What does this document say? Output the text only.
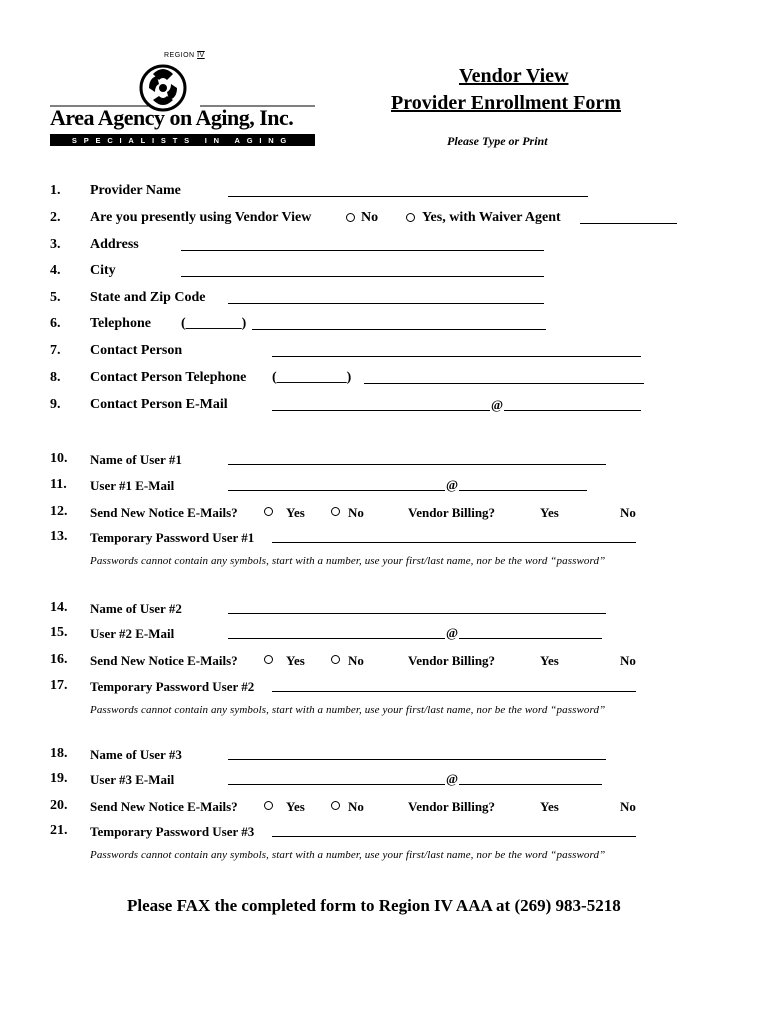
REGION IV
Area Agency on Aging, Inc.
SPECIALISTS IN AGING
Vendor View
Provider Enrollment Form
Please Type or Print
1. Provider Name
2. Are you presently using Vendor View	No	Yes, with Waiver Agent
3. Address
4. City
5. State and Zip Code
6. Telephone (________)
7. Contact Person
8. Contact Person Telephone (__________)
9. Contact Person E-Mail	@
10. Name of User #1
11. User #1 E-Mail	@
12. Send New Notice E-Mails?	Yes	No	Vendor Billing?	Yes	No
13. Temporary Password User #1
Passwords cannot contain any symbols, start with a number, use your first/last name, nor be the word “password”
14. Name of User #2
15. User #2 E-Mail	@
16. Send New Notice E-Mails?	Yes	No	Vendor Billing?	Yes	No
17. Temporary Password User #2
Passwords cannot contain any symbols, start with a number, use your first/last name, nor be the word “password”
18. Name of User #3
19. User #3 E-Mail	@
20. Send New Notice E-Mails?	Yes	No	Vendor Billing?	Yes	No
21. Temporary Password User #3
Passwords cannot contain any symbols, start with a number, use your first/last name, nor be the word “password”
Please FAX the completed form to Region IV AAA at (269) 983-5218
